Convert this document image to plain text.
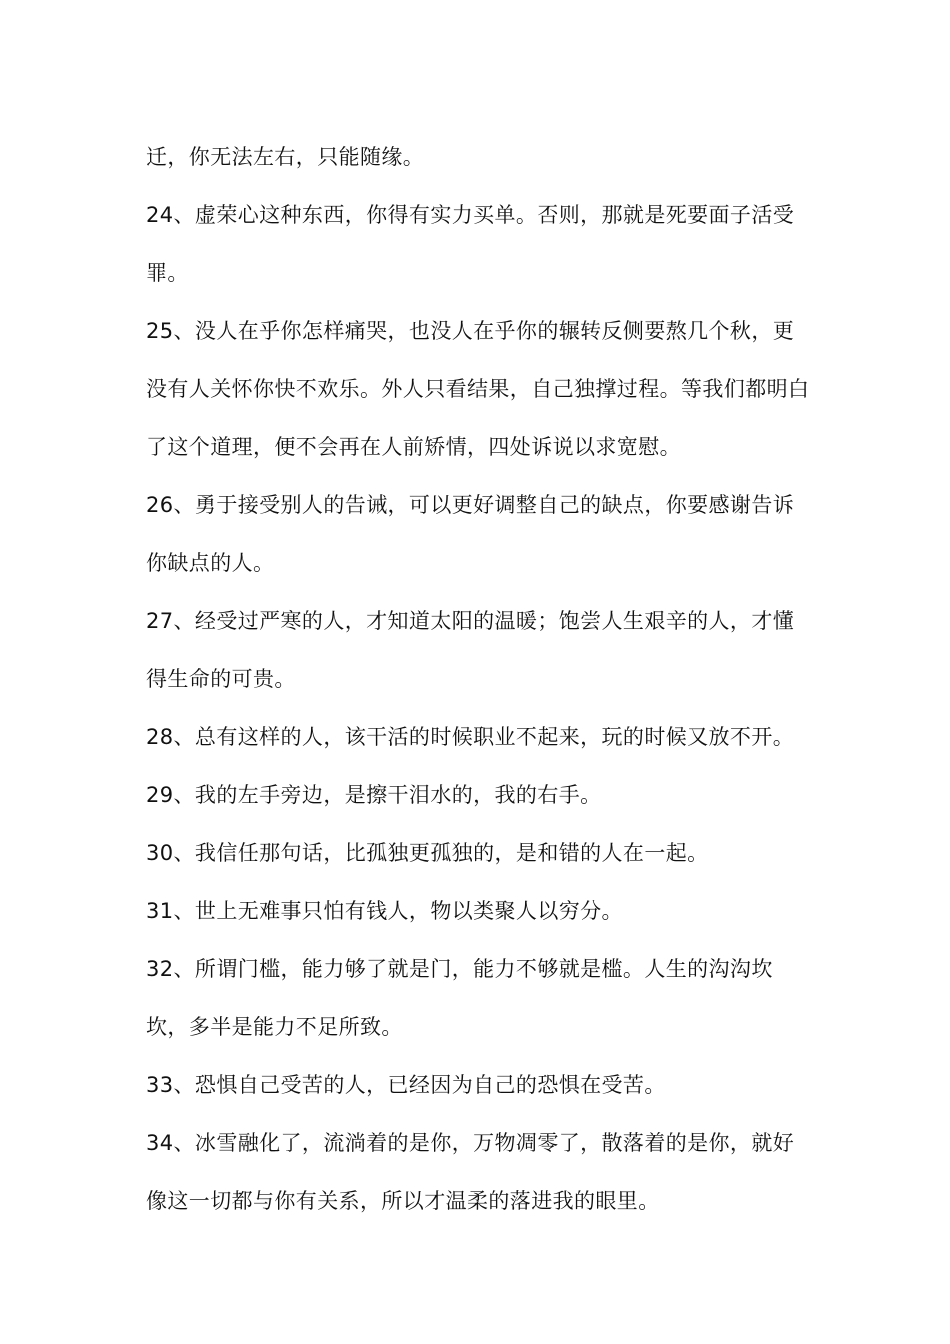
迁，你无法左右，只能随缘。

24、虚荣心这种东西，你得有实力买单。否则，那就是死要面子活受罪。

25、没人在乎你怎样痛哭，也没人在乎你的辗转反侧要熬几个秋，更没有人关怀你快不欢乐。外人只看结果，自己独撑过程。等我们都明白了这个道理，便不会再在人前矫情，四处诉说以求宽慰。

26、勇于接受别人的告诫，可以更好调整自己的缺点，你要感谢告诉你缺点的人。

27、经受过严寒的人，才知道太阳的温暖；饱尝人生艰辛的人，才懂得生命的可贵。

28、总有这样的人，该干活的时候职业不起来，玩的时候又放不开。

29、我的左手旁边，是擦干泪水的，我的右手。

30、我信任那句话，比孤独更孤独的，是和错的人在一起。

31、世上无难事只怕有钱人，物以类聚人以穷分。

32、所谓门槛，能力够了就是门，能力不够就是槛。人生的沟沟坎坎，多半是能力不足所致。

33、恐惧自己受苦的人，已经因为自己的恐惧在受苦。

34、冰雪融化了，流淌着的是你，万物凋零了，散落着的是你，就好像这一切都与你有关系，所以才温柔的落进我的眼里。
